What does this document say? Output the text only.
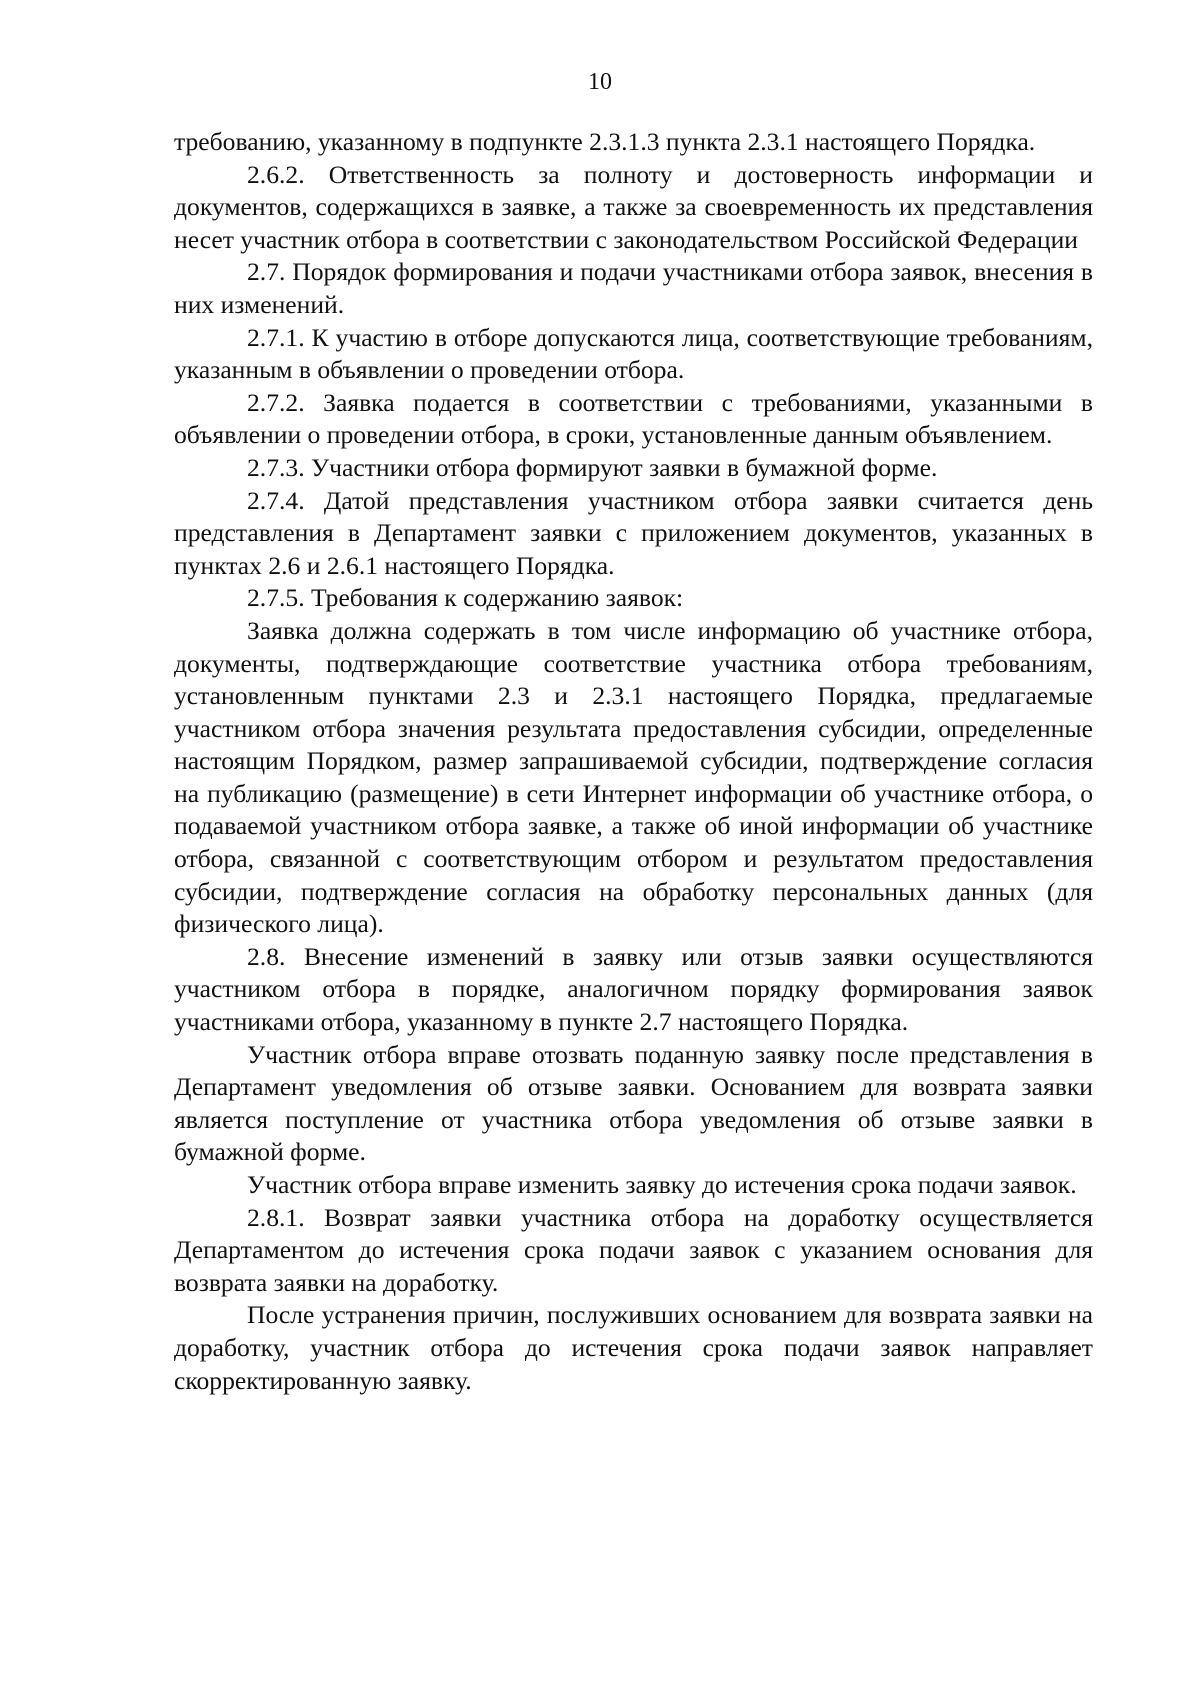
10

требованию, указанному в подпункте 2.3.1.3 пункта 2.3.1 настоящего Порядка.

2.6.2. Ответственность за полноту и достоверность информации и документов, содержащихся в заявке, а также за своевременность их представления несет участник отбора в соответствии с законодательством Российской Федерации

2.7. Порядок формирования и подачи участниками отбора заявок, внесения в них изменений.

2.7.1. К участию в отборе допускаются лица, соответствующие требованиям, указанным в объявлении о проведении отбора.

2.7.2. Заявка подается в соответствии с требованиями, указанными в объявлении о проведении отбора, в сроки, установленные данным объявлением.

2.7.3. Участники отбора формируют заявки в бумажной форме.

2.7.4. Датой представления участником отбора заявки считается день представления в Департамент заявки с приложением документов, указанных в пунктах 2.6 и 2.6.1 настоящего Порядка.

2.7.5. Требования к содержанию заявок:

Заявка должна содержать в том числе информацию об участнике отбора, документы, подтверждающие соответствие участника отбора требованиям, установленным пунктами 2.3 и 2.3.1 настоящего Порядка, предлагаемые участником отбора значения результата предоставления субсидии, определенные настоящим Порядком, размер запрашиваемой субсидии, подтверждение согласия на публикацию (размещение) в сети Интернет информации об участнике отбора, о подаваемой участником отбора заявке, а также об иной информации об участнике отбора, связанной с соответствующим отбором и результатом предоставления субсидии, подтверждение согласия на обработку персональных данных (для физического лица).

2.8. Внесение изменений в заявку или отзыв заявки осуществляются участником отбора в порядке, аналогичном порядку формирования заявок участниками отбора, указанному в пункте 2.7 настоящего Порядка.

Участник отбора вправе отозвать поданную заявку после представления в Департамент уведомления об отзыве заявки. Основанием для возврата заявки является поступление от участника отбора уведомления об отзыве заявки в бумажной форме.

Участник отбора вправе изменить заявку до истечения срока подачи заявок.

2.8.1. Возврат заявки участника отбора на доработку осуществляется Департаментом до истечения срока подачи заявок с указанием основания для возврата заявки на доработку.

После устранения причин, послуживших основанием для возврата заявки на доработку, участник отбора до истечения срока подачи заявок направляет скорректированную заявку.
